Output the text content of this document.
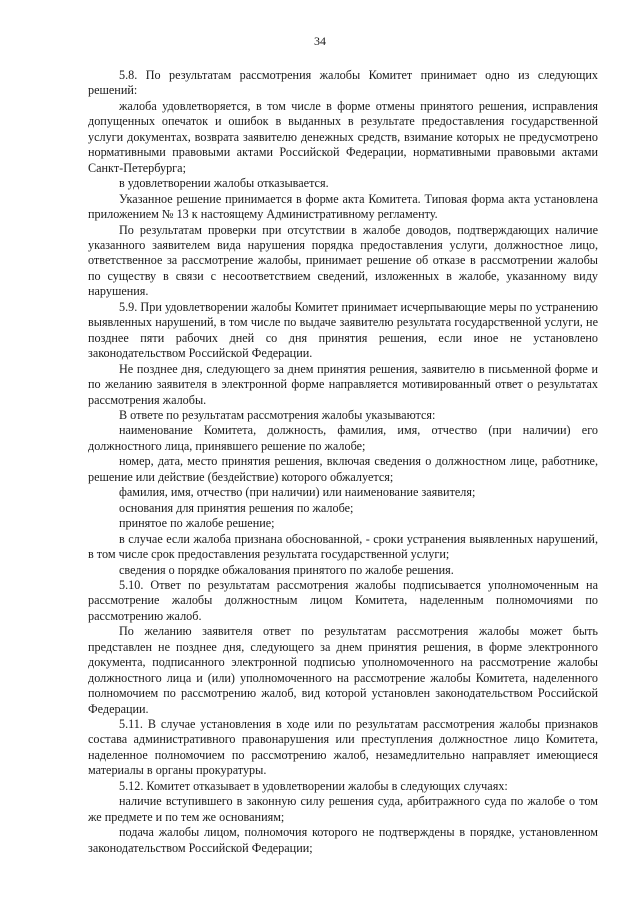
34

5.8. По результатам рассмотрения жалобы Комитет принимает одно из следующих решений:

жалоба удовлетворяется, в том числе в форме отмены принятого решения, исправления допущенных опечаток и ошибок в выданных в результате предоставления государственной услуги документах, возврата заявителю денежных средств, взимание которых не предусмотрено нормативными правовыми актами Российской Федерации, нормативными правовыми актами Санкт-Петербурга;

в удовлетворении жалобы отказывается.

Указанное решение принимается в форме акта Комитета. Типовая форма акта установлена приложением № 13 к настоящему Административному регламенту.

По результатам проверки при отсутствии в жалобе доводов, подтверждающих наличие указанного заявителем вида нарушения порядка предоставления услуги, должностное лицо, ответственное за рассмотрение жалобы, принимает решение об отказе в рассмотрении жалобы по существу в связи с несоответствием сведений, изложенных в жалобе, указанному виду нарушения.

5.9. При удовлетворении жалобы Комитет принимает исчерпывающие меры по устранению выявленных нарушений, в том числе по выдаче заявителю результата государственной услуги, не позднее пяти рабочих дней со дня принятия решения, если иное не установлено законодательством Российской Федерации.

Не позднее дня, следующего за днем принятия решения, заявителю в письменной форме и по желанию заявителя в электронной форме направляется мотивированный ответ о результатах рассмотрения жалобы.

В ответе по результатам рассмотрения жалобы указываются:

наименование Комитета, должность, фамилия, имя, отчество (при наличии) его должностного лица, принявшего решение по жалобе;

номер, дата, место принятия решения, включая сведения о должностном лице, работнике, решение или действие (бездействие) которого обжалуется;

фамилия, имя, отчество (при наличии) или наименование заявителя;

основания для принятия решения по жалобе;

принятое по жалобе решение;

в случае если жалоба признана обоснованной, - сроки устранения выявленных нарушений, в том числе срок предоставления результата государственной услуги;

сведения о порядке обжалования принятого по жалобе решения.

5.10. Ответ по результатам рассмотрения жалобы подписывается уполномоченным на рассмотрение жалобы должностным лицом Комитета, наделенным полномочиями по рассмотрению жалоб.

По желанию заявителя ответ по результатам рассмотрения жалобы может быть представлен не позднее дня, следующего за днем принятия решения, в форме электронного документа, подписанного электронной подписью уполномоченного на рассмотрение жалобы должностного лица и (или) уполномоченного на рассмотрение жалобы Комитета, наделенного полномочием по рассмотрению жалоб, вид которой установлен законодательством Российской Федерации.

5.11. В случае установления в ходе или по результатам рассмотрения жалобы признаков состава административного правонарушения или преступления должностное лицо Комитета, наделенное полномочием по рассмотрению жалоб, незамедлительно направляет имеющиеся материалы в органы прокуратуры.

5.12. Комитет отказывает в удовлетворении жалобы в следующих случаях:

наличие вступившего в законную силу решения суда, арбитражного суда по жалобе о том же предмете и по тем же основаниям;

подача жалобы лицом, полномочия которого не подтверждены в порядке, установленном законодательством Российской Федерации;
